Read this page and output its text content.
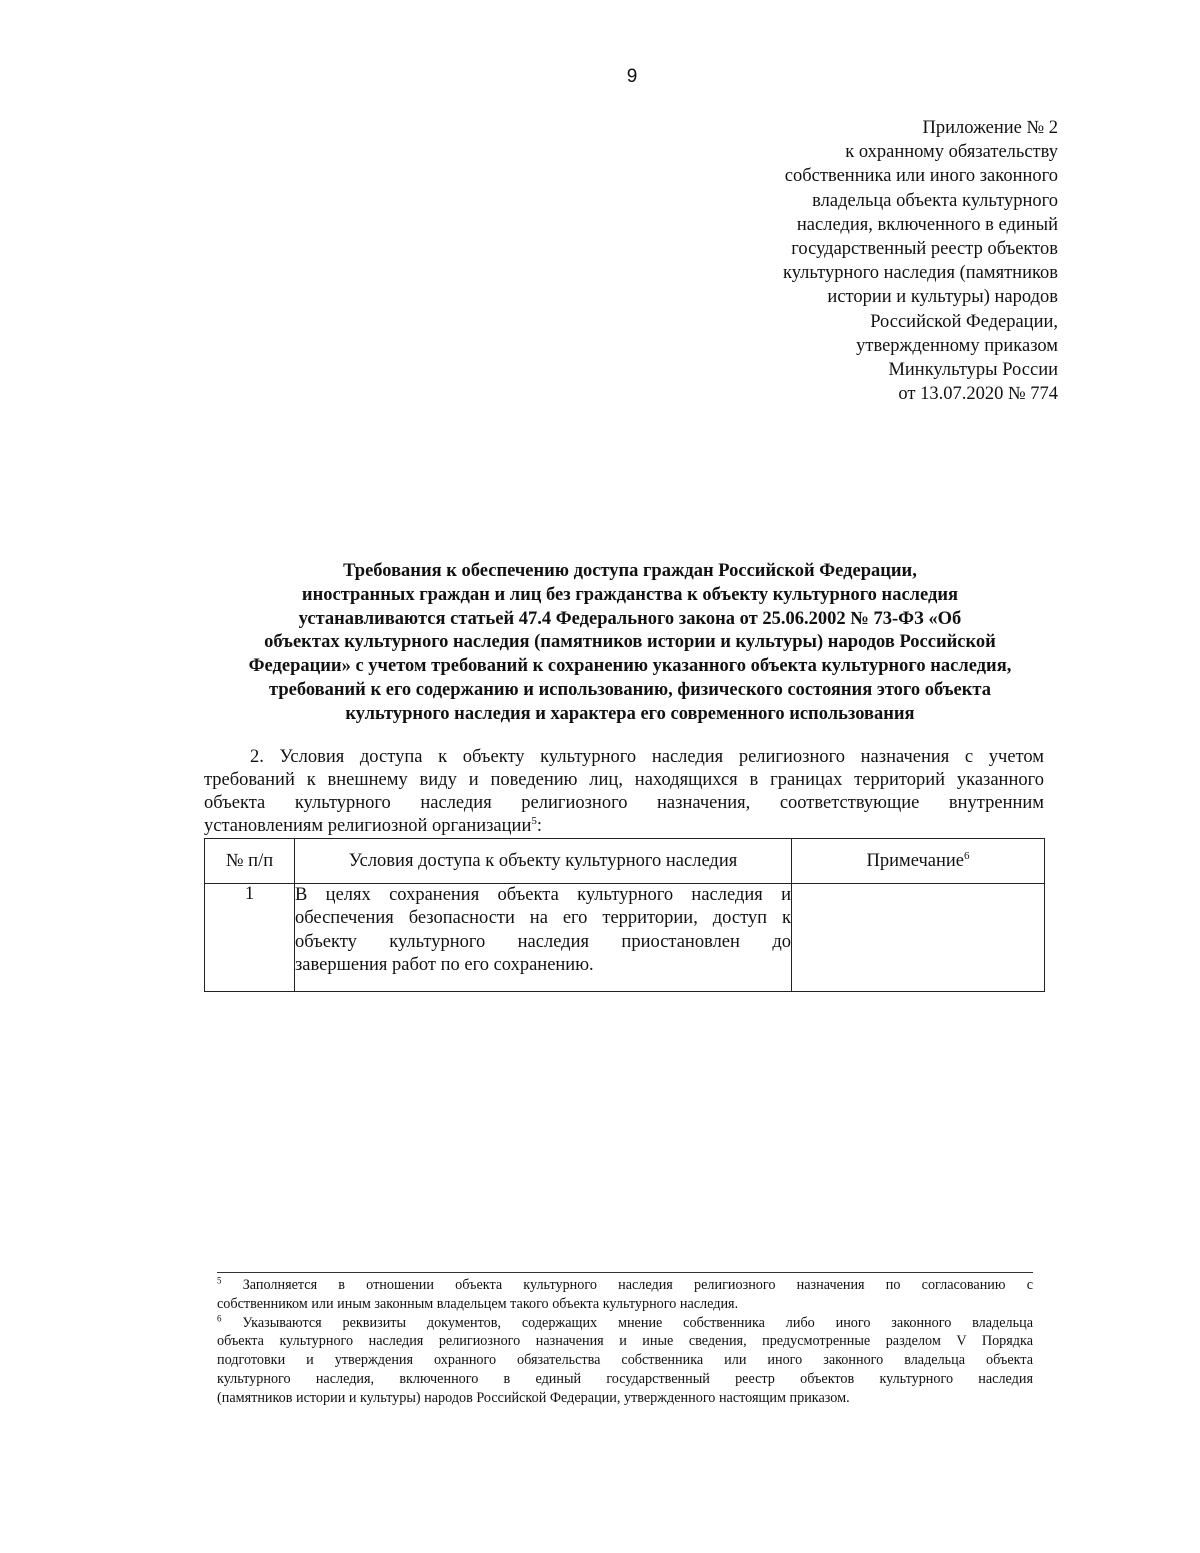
9
Приложение № 2
к охранному обязательству
собственника или иного законного
владельца объекта культурного
наследия, включенного в единый
государственный реестр объектов
культурного наследия (памятников
истории и культуры) народов
Российской Федерации,
утвержденному приказом
Минкультуры России
от 13.07.2020 № 774
Требования к обеспечению доступа граждан Российской Федерации,
иностранных граждан и лиц без гражданства к объекту культурного наследия
устанавливаются статьей 47.4 Федерального закона от 25.06.2002 № 73-ФЗ «Об
объектах культурного наследия (памятников истории и культуры) народов Российской
Федерации» с учетом требований к сохранению указанного объекта культурного наследия,
требований к его содержанию и использованию, физического состояния этого объекта
культурного наследия и характера его современного использования
2. Условия доступа к объекту культурного наследия религиозного назначения с учетом
требований к внешнему виду и поведению лиц, находящихся в границах территорий указанного
объекта культурного наследия религиозного назначения, соответствующие внутренним
установлениям религиозной организации$^5$:
№ п/п	Условия доступа к объекту культурного наследия	Примечание$^6$
1	В целях сохранения объекта культурного наследия и
обеспечения безопасности на его территории, доступ к
объекту культурного наследия приостановлен до
завершения работ по его сохранению.	

$^5$ Заполняется в отношении объекта культурного наследия религиозного назначения по согласованию с
собственником или иным законным владельцем такого объекта культурного наследия.
$^6$ Указываются реквизиты документов, содержащих мнение собственника либо иного законного владельца
объекта культурного наследия религиозного назначения и иные сведения, предусмотренные разделом V Порядка
подготовки и утверждения охранного обязательства собственника или иного законного владельца объекта
культурного наследия, включенного в единый государственный реестр объектов культурного наследия
(памятников истории и культуры) народов Российской Федерации, утвержденного настоящим приказом.
